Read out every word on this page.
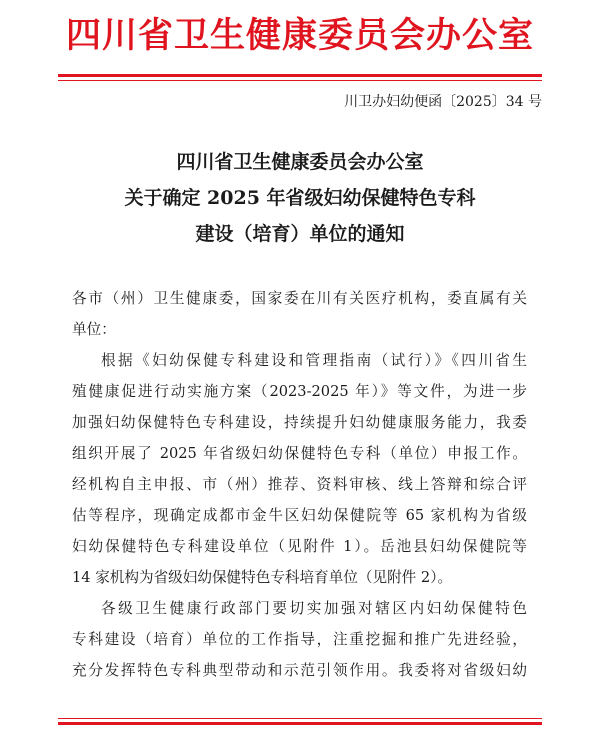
四川省卫生健康委员会办公室
川卫办妇幼便函〔2025〕34 号
四川省卫生健康委员会办公室
关于确定 2025 年省级妇幼保健特色专科
建设（培育）单位的通知
各市（州）卫生健康委，国家委在川有关医疗机构，委直属有关
单位：
根据《妇幼保健专科建设和管理指南（试行）》《四川省生
殖健康促进行动实施方案（2023-2025 年）》等文件，为进一步
加强妇幼保健特色专科建设，持续提升妇幼健康服务能力，我委
组织开展了 2025 年省级妇幼保健特色专科（单位）申报工作。
经机构自主申报、市（州）推荐、资料审核、线上答辩和综合评
估等程序，现确定成都市金牛区妇幼保健院等 65 家机构为省级
妇幼保健特色专科建设单位（见附件 1）。岳池县妇幼保健院等
14 家机构为省级妇幼保健特色专科培育单位（见附件 2）。
各级卫生健康行政部门要切实加强对辖区内妇幼保健特色
专科建设（培育）单位的工作指导，注重挖掘和推广先进经验，
充分发挥特色专科典型带动和示范引领作用。我委将对省级妇幼
